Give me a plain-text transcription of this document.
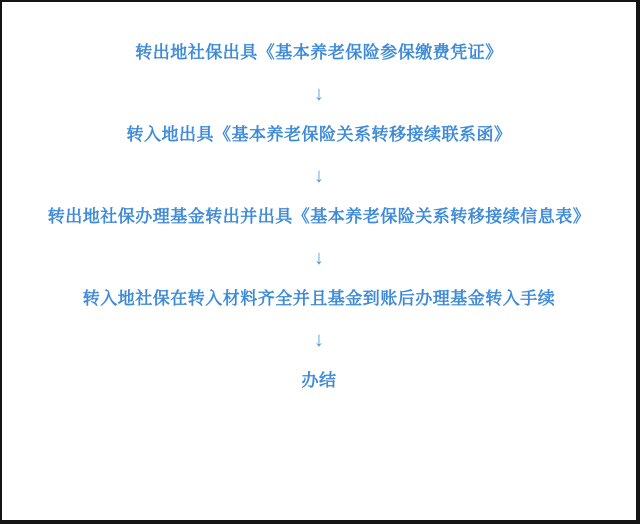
转出地社保出具《基本养老保险参保缴费凭证》
↓
转入地出具《基本养老保险关系转移接续联系函》
↓
转出地社保办理基金转出并出具《基本养老保险关系转移接续信息表》
↓
转入地社保在转入材料齐全并且基金到账后办理基金转入手续
↓
办结
